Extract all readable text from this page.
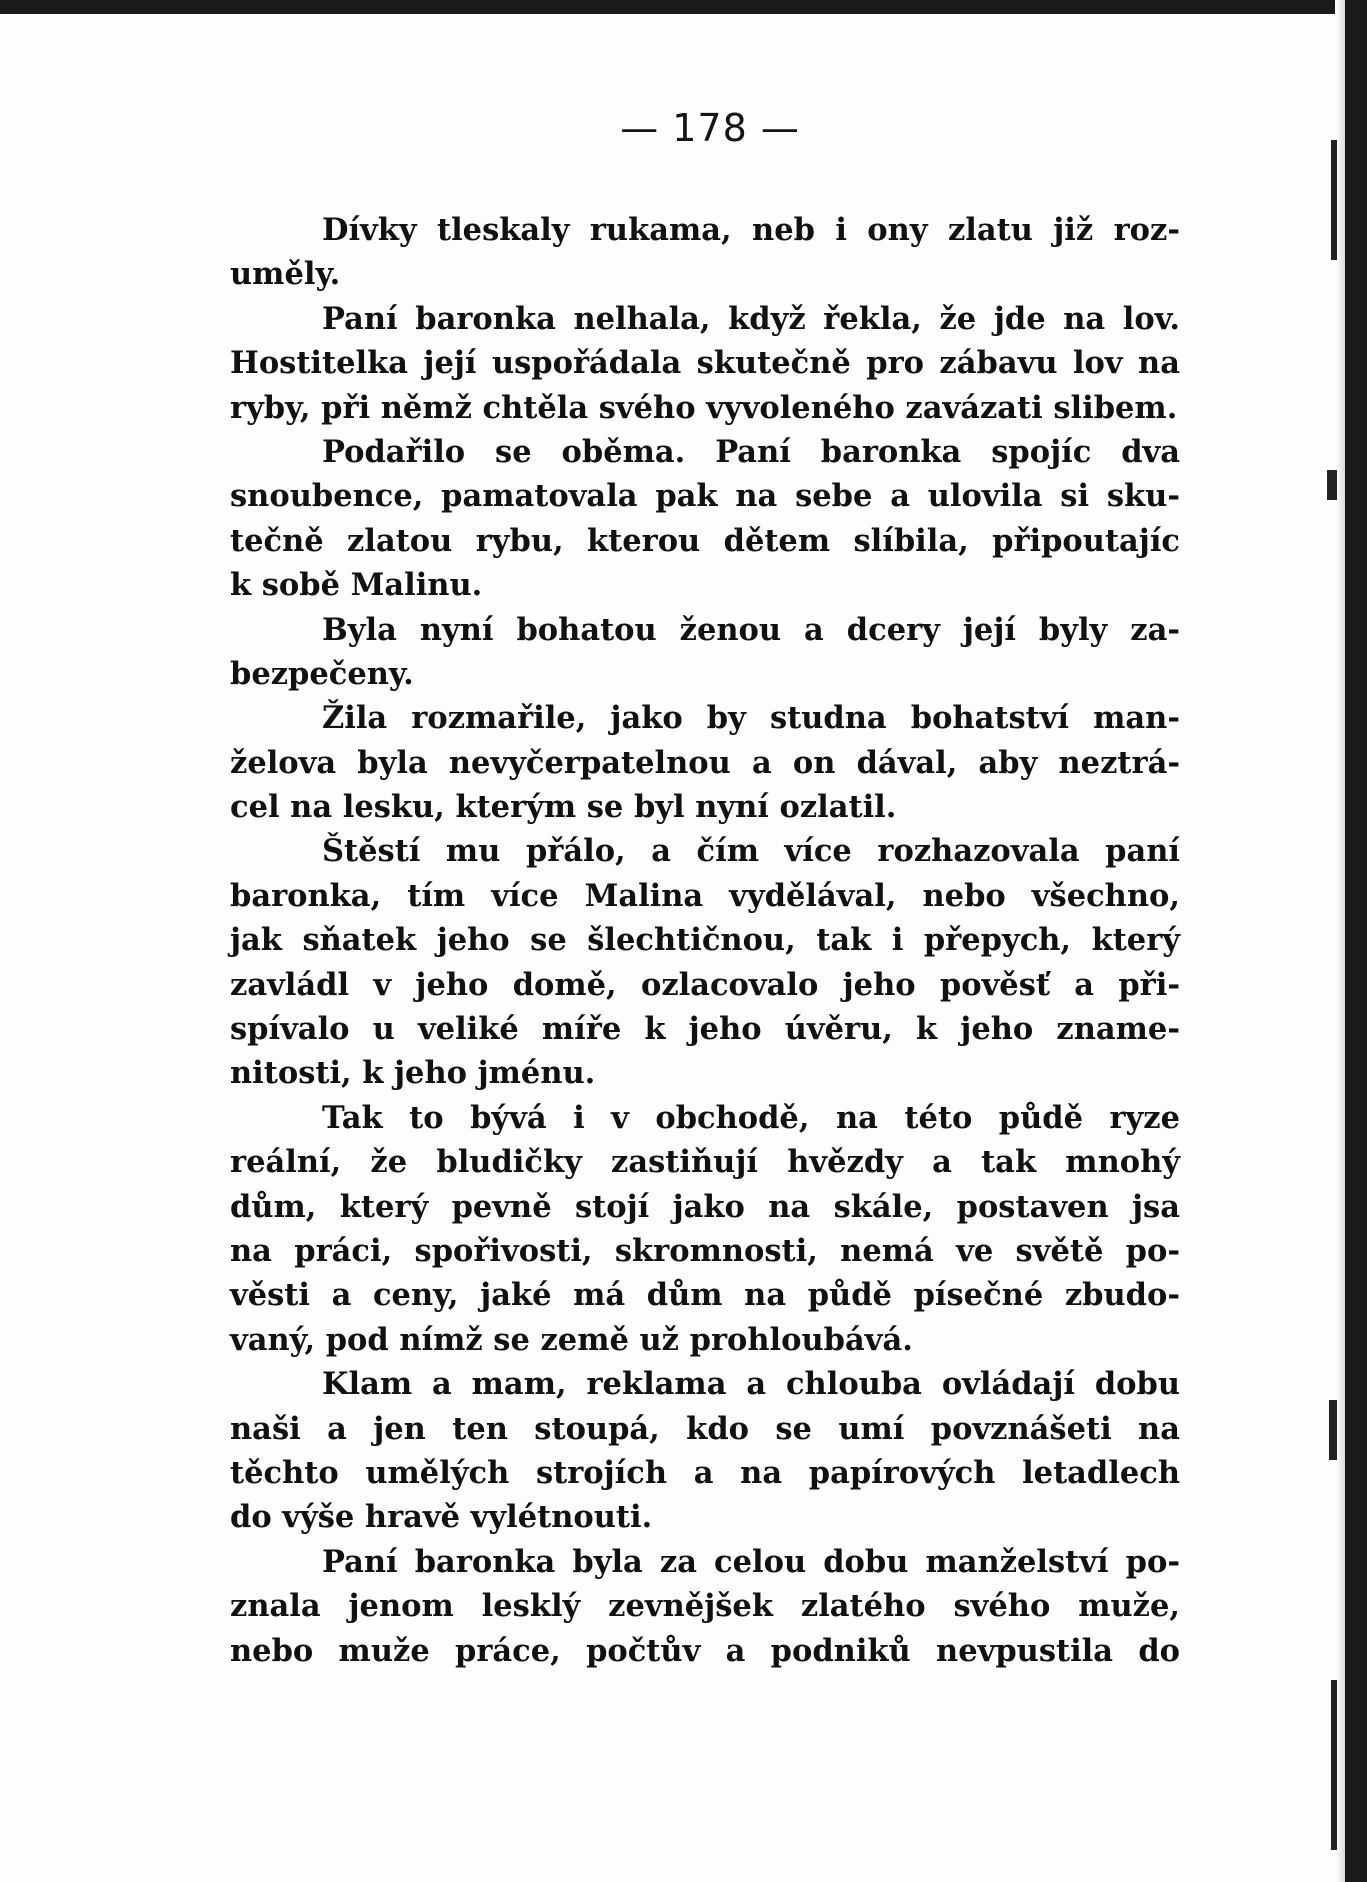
— 178 —
Dívky tleskaly rukama, neb i ony zlatu již roz-
uměly.
Paní baronka nelhala, když řekla, že jde na lov.
Hostitelka její uspořádala skutečně pro zábavu lov na
ryby, při němž chtěla svého vyvoleného zavázati slibem.
Podařilo se oběma. Paní baronka spojíc dva
snoubence, pamatovala pak na sebe a ulovila si sku-
tečně zlatou rybu, kterou dětem slíbila, připoutajíc
k sobě Malinu.
Byla nyní bohatou ženou a dcery její byly za-
bezpečeny.
Žila rozmařile, jako by studna bohatství man-
želova byla nevyčerpatelnou a on dával, aby neztrá-
cel na lesku, kterým se byl nyní ozlatil.
Štěstí mu přálo, a čím více rozhazovala paní
baronka, tím více Malina vydělával, nebo všechno,
jak sňatek jeho se šlechtičnou, tak i přepych, který
zavládl v jeho domě, ozlacovalo jeho pověsť a při-
spívalo u veliké míře k jeho úvěru, k jeho zname-
nitosti, k jeho jménu.
Tak to bývá i v obchodě, na této půdě ryze
reální, že bludičky zastiňují hvězdy a tak mnohý
dům, který pevně stojí jako na skále, postaven jsa
na práci, spořivosti, skromnosti, nemá ve světě po-
věsti a ceny, jaké má dům na půdě písečné zbudo-
vaný, pod nímž se země už prohloubává.
Klam a mam, reklama a chlouba ovládají dobu
naši a jen ten stoupá, kdo se umí povznášeti na
těchto umělých strojích a na papírových letadlech
do výše hravě vylétnouti.
Paní baronka byla za celou dobu manželství po-
znala jenom lesklý zevnějšek zlatého svého muže,
nebo muže práce, počtův a podniků nevpustila do
